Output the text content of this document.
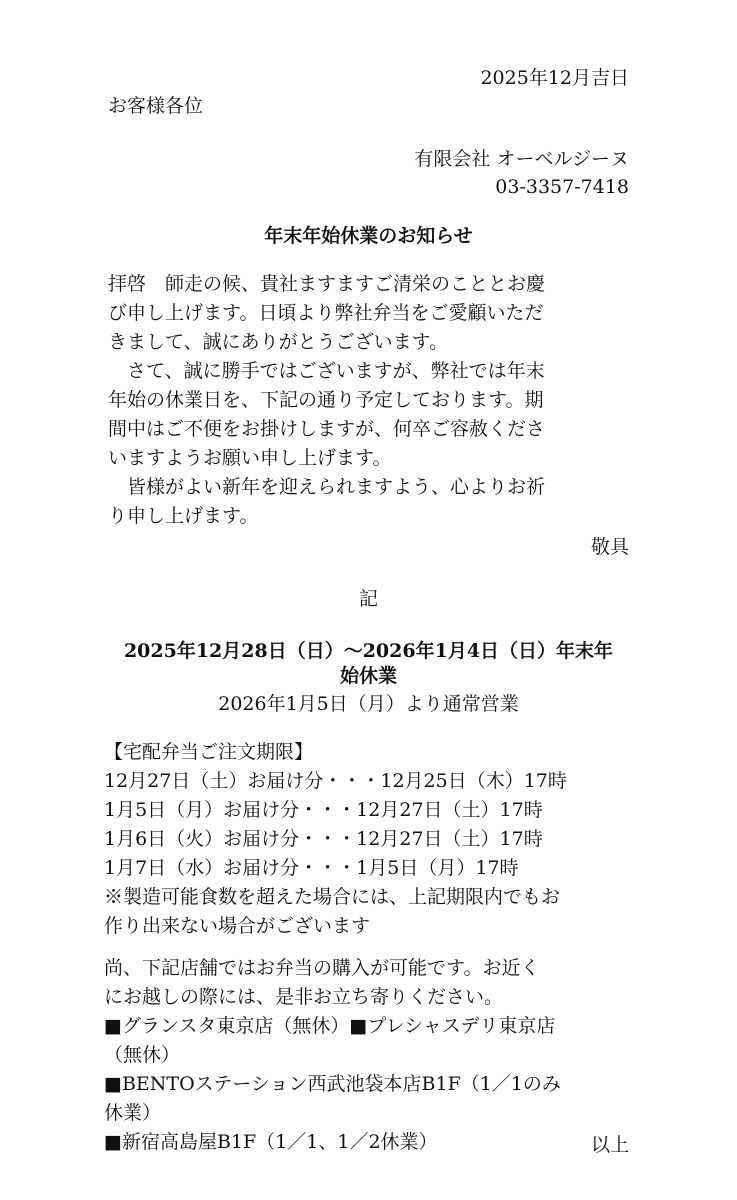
2025年12月吉日
お客様各位
有限会社 オーベルジーヌ
03-3357-7418
年末年始休業のお知らせ
拝啓　師走の候、貴社ますますご清栄のこととお慶
び申し上げます。日頃より弊社弁当をご愛顧いただ
きまして、誠にありがとうございます。
　さて、誠に勝手ではございますが、弊社では年末
年始の休業日を、下記の通り予定しております。期
間中はご不便をお掛けしますが、何卒ご容赦くださ
いますようお願い申し上げます。
　皆様がよい新年を迎えられますよう、心よりお祈
り申し上げます。
敬具
記
2025年12月28日（日）～2026年1月4日（日）年末年
始休業
2026年1月5日（月）より通常営業
【宅配弁当ご注文期限】
12月27日（土）お届け分・・・12月25日（木）17時
1月5日（月）お届け分・・・12月27日（土）17時
1月6日（火）お届け分・・・12月27日（土）17時
1月7日（水）お届け分・・・1月5日（月）17時
※製造可能食数を超えた場合には、上記期限内でもお
作り出来ない場合がございます
尚、下記店舗ではお弁当の購入が可能です。お近く
にお越しの際には、是非お立ち寄りください。
■グランスタ東京店（無休）■プレシャスデリ東京店
（無休）
■BENTOステーション西武池袋本店B1F（1／1のみ
休業）
■新宿高島屋B1F（1／1、1／2休業）	以上
